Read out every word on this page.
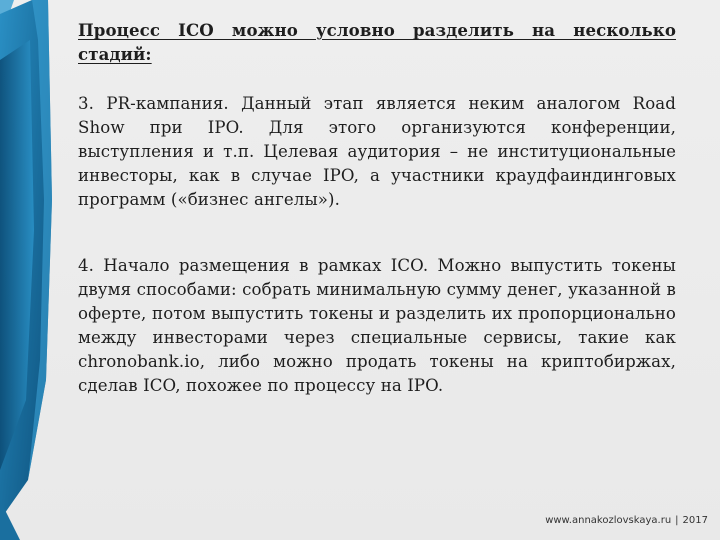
Процесс ICO можно условно разделить на несколько стадий:

3. PR-кампания. Данный этап является неким аналогом Road Show при IPO. Для этого организуются конференции, выступления и т.п. Целевая аудитория – не институциональные инвесторы, как в случае IPO, а участники краудфаиндинговых программ («бизнес ангелы»).

4. Начало размещения в рамках ICO. Можно выпустить токены двумя способами: собрать минимальную сумму денег, указанной в оферте, потом выпустить токены и разделить их пропорционально между инвесторами через специальные сервисы, такие как chronobank.io, либо можно продать токены на криптобиржах, сделав ICO, похожее по процессу на IPO.

www.annakozlovskaya.ru | 2017
